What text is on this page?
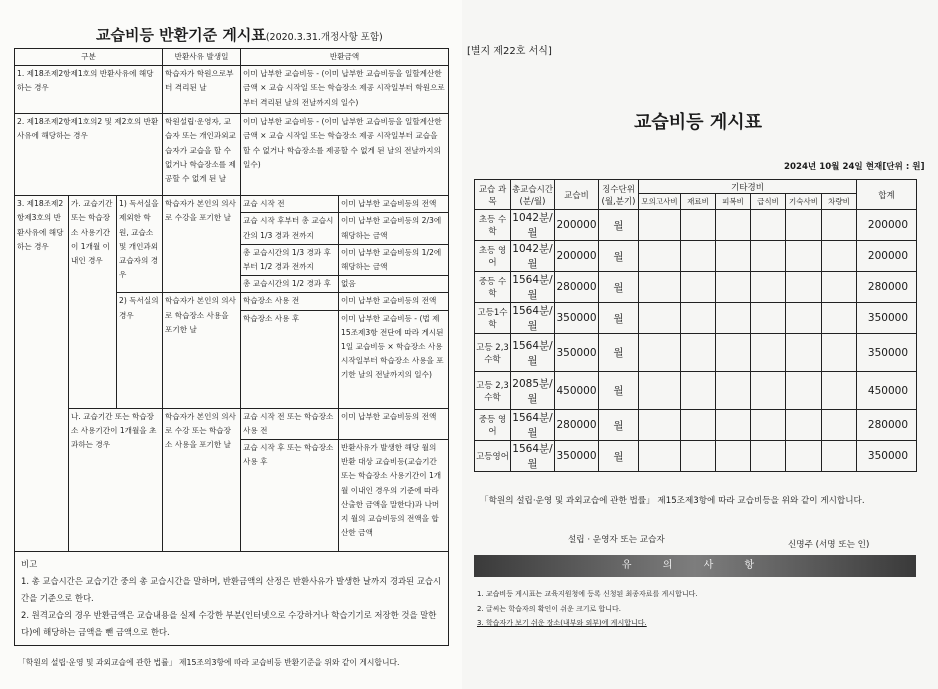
교습비등 반환기준 게시표(2020.3.31.개정사항 포함)
구분			반환사유 발생일	반환금액	
1. 제18조제2항제1호의 반환사유에 해당하는 경우			학습자가 학원으로부터 격리된 날	이미 납부한 교습비등 - (이미 납부한 교습비등을 일할계산한 금액 × 교습 시작일 또는 학습장소 제공 시작일부터 학원으로부터 격리된 날의 전날까지의 일수)	
2. 제18조제2항제1호의2 및 제2호의 반환사유에 해당하는 경우			학원설립·운영자, 교습자 또는 개인과외교습자가 교습을 할 수 없거나 학습장소를 제공할 수 없게 된 날	이미 납부한 교습비등 - (이미 납부한 교습비등을 일할계산한 금액 × 교습 시작일 또는 학습장소 제공 시작일부터 교습을 할 수 없거나 학습장소를 제공할 수 없게 된 날의 전날까지의 일수)	
3. 제18조제2항제3호의 반환사유에 해당하는 경우	가. 교습기간 또는 학습장소 사용기간이 1개월 이내인 경우	1) 독서실을 제외한 학원, 교습소 및 개인과외교습자의 경우	학습자가 본인의 의사로 수강을 포기한 날	교습 시작 전	이미 납부한 교습비등의 전액
				교습 시작 후부터 총 교습시간의 1/3 경과 전까지	이미 납부한 교습비등의 2/3에 해당하는 금액
				총 교습시간의 1/3 경과 후부터 1/2 경과 전까지	이미 납부한 교습비등의 1/2에 해당하는 금액
				총 교습시간의 1/2 경과 후	없음
		2) 독서실의 경우	학습자가 본인의 의사로 학습장소 사용을 포기한 날	학습장소 사용 전	이미 납부한 교습비등의 전액
				학습장소 사용 후	이미 납부한 교습비등 - (법 제15조제3항 전단에 따라 게시된 1일 교습비등 × 학습장소 사용 시작일부터 학습장소 사용을 포기한 날의 전날까지의 일수)
	나. 교습기간 또는 학습장소 사용기간이 1개월을 초과하는 경우		학습자가 본인의 의사로 수강 또는 학습장소 사용을 포기한 날	교습 시작 전 또는 학습장소 사용 전	이미 납부한 교습비등의 전액
				교습 시작 후 또는 학습장소 사용 후	반환사유가 발생한 해당 월의 반환 대상 교습비등(교습기간 또는 학습장소 사용기간이 1개월 이내인 경우의 기준에 따라 산출한 금액을 말한다)과 나머지 월의 교습비등의 전액을 합산한 금액

비고
1. 총 교습시간은 교습기간 중의 총 교습시간을 말하며, 반환금액의 산정은 반환사유가 발생한 날까지 경과된 교습시간을 기준으로 한다.
2. 원격교습의 경우 반환금액은 교습내용을 실제 수강한 부분(인터넷으로 수강하거나 학습기기로 저장한 것을 말한다)에 해당하는 금액을 뺀 금액으로 한다.					
「학원의 설립·운영 및 과외교습에 관한 법률」 제15조의3항에 따라 교습비등 반환기준을 위와 같이 게시합니다.
[별지 제22호 서식]
교습비등 게시표
2024년 10월 24일 현재[단위 : 원]
교습 과목	총교습시간 (분/월)	교습비	징수단위 (월,분기)	기타경비						합계
				모의고사비	재료비	피복비	급식비	기숙사비	차량비	
초등 수학	1042분/월	200000	월							200000
초등 영어	1042분/월	200000	월							200000
중등 수학	1564분/월	280000	월							280000
고등1수학	1564분/월	350000	월							350000
고등 2,3 수학	1564분/월	350000	월							350000
고등 2,3 수학	2085분/월	450000	월							450000
중등 영어	1564분/월	280000	월							280000
고등영어	1564분/월	350000	월							350000
「학원의 설립·운영 및 과외교습에 관한 법률」 제15조제3항에 따라 교습비등을 위와 같이 게시합니다.
설립 · 운영자 또는 교습자	신명주 (서명 또는 인)
유 의 사 항
1. 교습비등 게시표는 교육지원청에 등록 신청된 최종자료를 게시합니다.
2. 글씨는 학습자의 확인이 쉬운 크기로 합니다.
3. 학습자가 보기 쉬운 장소(내부와 외부)에 게시합니다.
